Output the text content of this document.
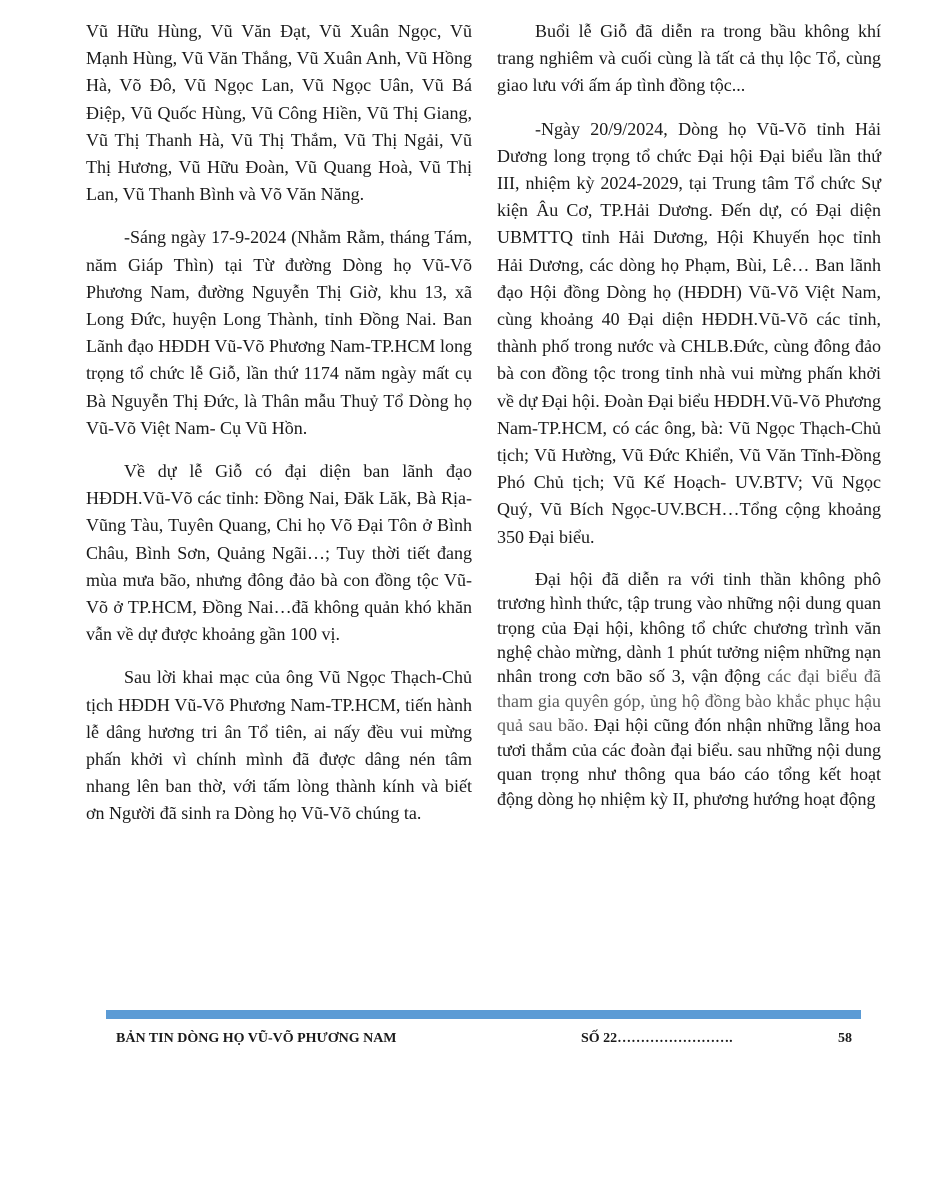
Vũ Hữu Hùng, Vũ Văn Đạt, Vũ Xuân Ngọc, Vũ Mạnh Hùng, Vũ Văn Thắng, Vũ Xuân Anh, Vũ Hồng Hà, Võ Đô, Vũ Ngọc Lan, Vũ Ngọc Uân, Vũ Bá Điệp, Vũ Quốc Hùng, Vũ Công Hiền, Vũ Thị Giang, Vũ Thị Thanh Hà, Vũ Thị Thắm, Vũ Thị Ngải, Vũ Thị Hương, Vũ Hữu Đoàn, Vũ Quang Hoà, Vũ Thị Lan, Vũ Thanh Bình và Võ Văn Năng.

-Sáng ngày 17-9-2024 (Nhằm Rằm, tháng Tám, năm Giáp Thìn) tại Từ đường Dòng họ Vũ-Võ Phương Nam, đường Nguyễn Thị Giờ, khu 13, xã Long Đức, huyện Long Thành, tỉnh Đồng Nai. Ban Lãnh đạo HĐDH Vũ-Võ Phương Nam-TP.HCM long trọng tổ chức lễ Giỗ, lần thứ 1174 năm ngày mất cụ Bà Nguyễn Thị Đức, là Thân mẫu Thuỷ Tổ Dòng họ Vũ-Võ Việt Nam- Cụ Vũ Hồn.

Về dự lễ Giỗ có đại diện ban lãnh đạo HĐDH.Vũ-Võ các tỉnh: Đồng Nai, Đăk Lăk, Bà Rịa-Vũng Tàu, Tuyên Quang, Chi họ Võ Đại Tôn ở Bình Châu, Bình Sơn, Quảng Ngãi…; Tuy thời tiết đang mùa mưa bão, nhưng đông đảo bà con đồng tộc Vũ-Võ ở TP.HCM, Đồng Nai…đã không quản khó khăn vẫn về dự được khoảng gần 100 vị.

Sau lời khai mạc của ông Vũ Ngọc Thạch-Chủ tịch HĐDH Vũ-Võ Phương Nam-TP.HCM, tiến hành lễ dâng hương tri ân Tổ tiên, ai nấy đều vui mừng phấn khởi vì chính mình đã được dâng nén tâm nhang lên ban thờ, với tấm lòng thành kính và biết ơn Người đã sinh ra Dòng họ Vũ-Võ chúng ta.

Buổi lễ Giỗ đã diễn ra trong bầu không khí trang nghiêm và cuối cùng là tất cả thụ lộc Tổ, cùng giao lưu với ấm áp tình đồng tộc...

-Ngày 20/9/2024, Dòng họ Vũ-Võ tỉnh Hải Dương long trọng tổ chức Đại hội Đại biểu lần thứ III, nhiệm kỳ 2024-2029, tại Trung tâm Tổ chức Sự kiện Âu Cơ, TP.Hải Dương. Đến dự, có Đại diện UBMTTQ tỉnh Hải Dương, Hội Khuyến học tỉnh Hải Dương, các dòng họ Phạm, Bùi, Lê… Ban lãnh đạo Hội đồng Dòng họ (HĐDH) Vũ-Võ Việt Nam, cùng khoảng 40 Đại diện HĐDH.Vũ-Võ các tỉnh, thành phố trong nước và CHLB.Đức, cùng đông đảo bà con đồng tộc trong tỉnh nhà vui mừng phấn khởi về dự Đại hội. Đoàn Đại biểu HĐDH.Vũ-Võ Phương Nam-TP.HCM, có các ông, bà: Vũ Ngọc Thạch-Chủ tịch; Vũ Hường, Vũ Đức Khiển, Vũ Văn Tĩnh-Đồng Phó Chủ tịch; Vũ Kế Hoạch- UV.BTV; Vũ Ngọc Quý, Vũ Bích Ngọc-UV.BCH…Tổng cộng khoảng 350 Đại biểu.

Đại hội đã diễn ra với tinh thần không phô trương hình thức, tập trung vào những nội dung quan trọng của Đại hội, không tổ chức chương trình văn nghệ chào mừng, dành 1 phút tưởng niệm những nạn nhân trong cơn bão số 3, vận động các đại biểu đã tham gia quyên góp, ủng hộ đồng bào khắc phục hậu quả sau bão. Đại hội cũng đón nhận những lẵng hoa tươi thắm của các đoàn đại biểu. sau những nội dung quan trọng như thông qua báo cáo tổng kết hoạt động dòng họ nhiệm kỳ II, phương hướng hoạt động

BẢN TIN DÒNG HỌ VŨ-VÕ PHƯƠNG NAM	SỐ 22…………………….	58
